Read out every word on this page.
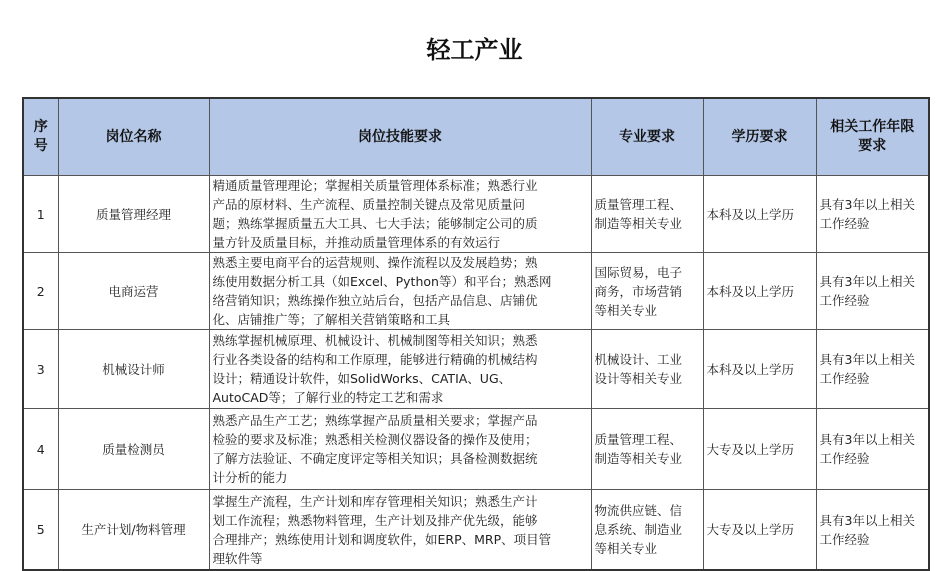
轻工产业
序号	岗位名称	岗位技能要求	专业要求	学历要求	相关工作年限
要求

1	质量管理经理	精通质量管理理论；掌握相关质量管理体系标准；熟悉行业
产品的原材料、生产流程、质量控制关键点及常见质量问
题；熟练掌握质量五大工具、七大手法；能够制定公司的质
量方针及质量目标，并推动质量管理体系的有效运行	质量管理工程、
制造等相关专业	本科及以上学历	具有3年以上相关
工作经验

2	电商运营	熟悉主要电商平台的运营规则、操作流程以及发展趋势；熟
练使用数据分析工具（如Excel、Python等）和平台；熟悉网
络营销知识；熟练操作独立站后台，包括产品信息、店铺优
化、店铺推广等；了解相关营销策略和工具	国际贸易，电子
商务，市场营销
等相关专业	本科及以上学历	具有3年以上相关
工作经验

3	机械设计师	熟练掌握机械原理、机械设计、机械制图等相关知识；熟悉
行业各类设备的结构和工作原理，能够进行精确的机械结构
设计；精通设计软件，如SolidWorks、CATIA、UG、
AutoCAD等；了解行业的特定工艺和需求	机械设计、工业
设计等相关专业	本科及以上学历	具有3年以上相关
工作经验

4	质量检测员	熟悉产品生产工艺；熟练掌握产品质量相关要求；掌握产品
检验的要求及标准；熟悉相关检测仪器设备的操作及使用；
了解方法验证、不确定度评定等相关知识；具备检测数据统
计分析的能力	质量管理工程、
制造等相关专业	大专及以上学历	具有3年以上相关
工作经验

5	生产计划/物料管理	掌握生产流程，生产计划和库存管理相关知识；熟悉生产计
划工作流程；熟悉物料管理，生产计划及排产优先级，能够
合理排产；熟练使用计划和调度软件，如ERP、MRP、项目管
理软件等	物流供应链、信
息系统、制造业
等相关专业	大专及以上学历	具有3年以上相关
工作经验
